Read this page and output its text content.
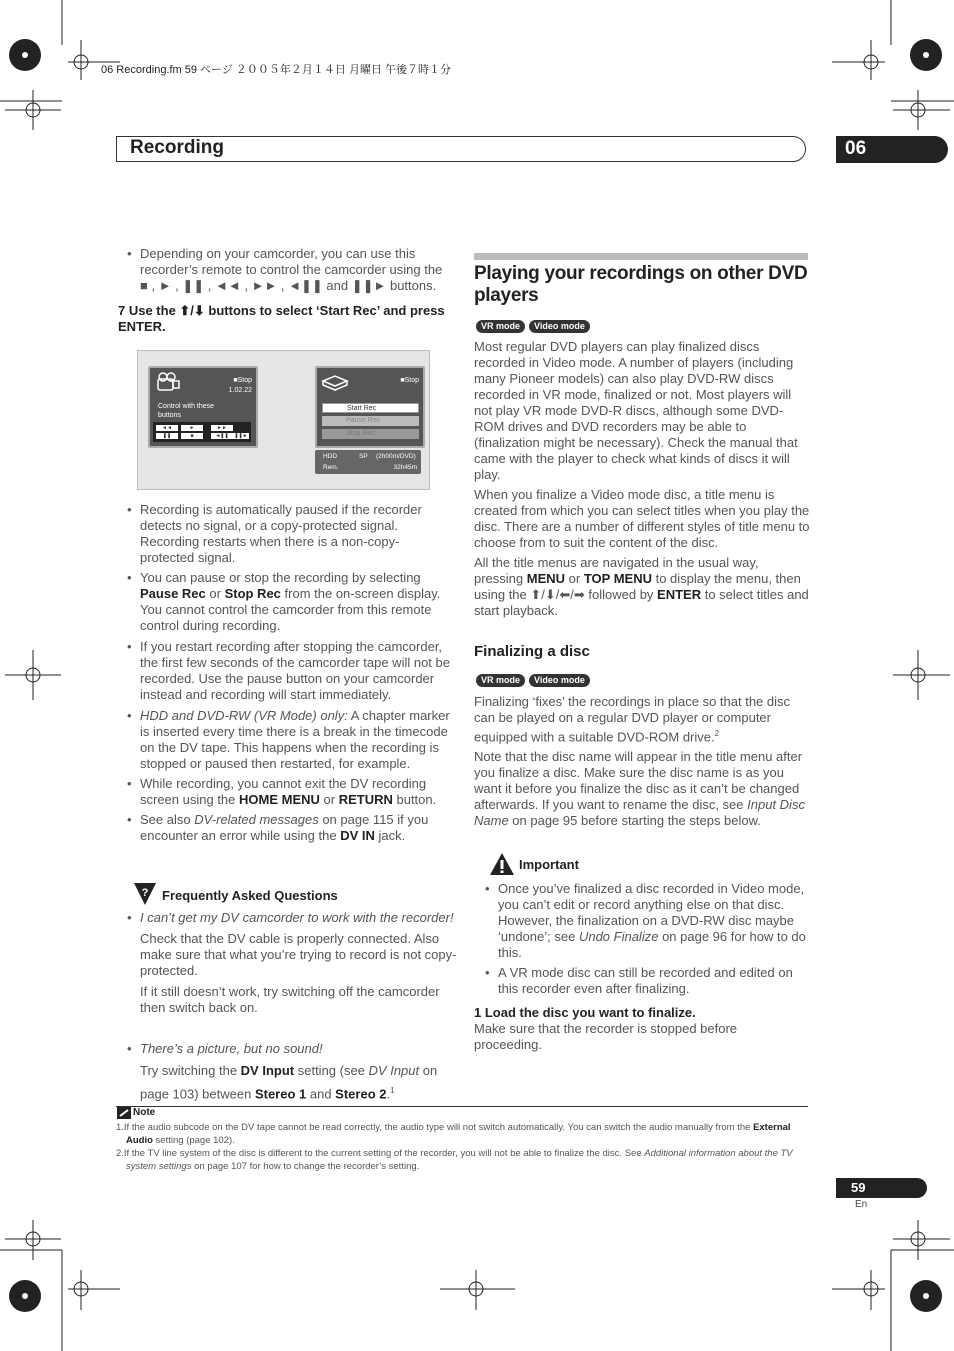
06 Recording.fm 59 ページ ２００５年２月１４日 月曜日 午後７時１分
Recording	06
• Depending on your camcorder, you can use this recorder’s remote to control the camcorder using the
■ , ► , ❚❚ , ◄◄ , ►► , ◄❚❚ and ❚❚► buttons.
7 Use the ⬆/⬇ buttons to select ‘Start Rec’ and press ENTER.
■Stop
1.02.22
Control with these
buttons
◄◄	►	►►
❚❚	■	◄❚❚	❚❚►
■Stop
Start Rec
Pause Rec
Stop Rec
HDD	SP (2h00m/DVD)
Rem.	32h45m
• Recording is automatically paused if the recorder detects no signal, or a copy-protected signal. Recording restarts when there is a non-copy-protected signal.
• You can pause or stop the recording by selecting Pause Rec or Stop Rec from the on-screen display. You cannot control the camcorder from this remote control during recording.
• If you restart recording after stopping the camcorder, the first few seconds of the camcorder tape will not be recorded. Use the pause button on your camcorder instead and recording will start immediately.
• HDD and DVD-RW (VR Mode) only: A chapter marker is inserted every time there is a break in the timecode on the DV tape. This happens when the recording is stopped or paused then restarted, for example.
• While recording, you cannot exit the DV recording screen using the HOME MENU or RETURN button.
• See also DV-related messages on page 115 if you encounter an error while using the DV IN jack.
? Frequently Asked Questions
• I can’t get my DV camcorder to work with the recorder!

Check that the DV cable is properly connected. Also make sure that what you’re trying to record is not copy-protected.

If it still doesn’t work, try switching off the camcorder then switch back on.

• There’s a picture, but no sound!

Try switching the DV Input setting (see DV Input on page 103) between Stereo 1 and Stereo 2.$^1$

Playing your recordings on other DVD players
VR mode Video mode

Most regular DVD players can play finalized discs recorded in Video mode. A number of players (including many Pioneer models) can also play DVD-RW discs recorded in VR mode, finalized or not. Most players will not play VR mode DVD-R discs, although some DVD-ROM drives and DVD recorders may be able to (finalization might be necessary). Check the manual that came with the player to check what kinds of discs it will play.

When you finalize a Video mode disc, a title menu is created from which you can select titles when you play the disc. There are a number of different styles of title menu to choose from to suit the content of the disc.

All the title menus are navigated in the usual way, pressing MENU or TOP MENU to display the menu, then using the ⬆/⬇/⬅/➡ followed by ENTER to select titles and start playback.

Finalizing a disc
VR mode Video mode

Finalizing ‘fixes’ the recordings in place so that the disc can be played on a regular DVD player or computer equipped with a suitable DVD-ROM drive.$^2$

Note that the disc name will appear in the title menu after you finalize a disc. Make sure the disc name is as you want it before you finalize the disc as it can’t be changed afterwards. If you want to rename the disc, see Input Disc Name on page 95 before starting the steps below.

Important
• Once you’ve finalized a disc recorded in Video mode, you can’t edit or record anything else on that disc. However, the finalization on a DVD-RW disc maybe ‘undone’; see Undo Finalize on page 96 for how to do this.
• A VR mode disc can still be recorded and edited on this recorder even after finalizing.
1 Load the disc you want to finalize.
Make sure that the recorder is stopped before proceeding.
Note

1.If the audio subcode on the DV tape cannot be read correctly, the audio type will not switch automatically. You can switch the audio manually from the External Audio setting (page 102).

2.If the TV line system of the disc is different to the current setting of the recorder, you will not be able to finalize the disc. See Additional information about the TV system settings on page 107 for how to change the recorder’s setting.

59
En
